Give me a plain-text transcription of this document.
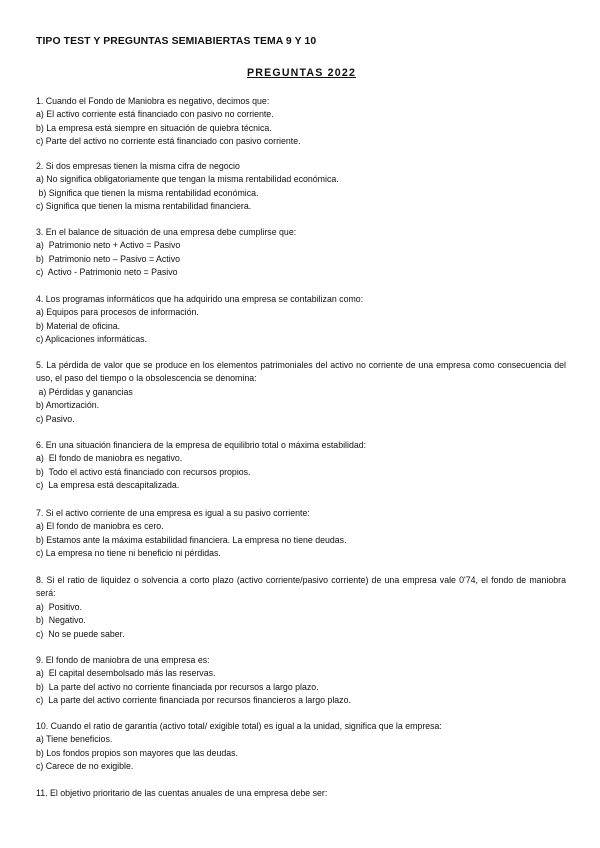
TIPO TEST Y PREGUNTAS SEMIABIERTAS TEMA 9 Y 10
PREGUNTAS 2022
1. Cuando el Fondo de Maniobra es negativo, decimos que:
a) El activo corriente está financiado con pasivo no corriente.
b) La empresa está siempre en situación de quiebra técnica.
c) Parte del activo no corriente está financiado con pasivo corriente.
2. Si dos empresas tienen la misma cifra de negocio
a) No significa obligatoriamente que tengan la misma rentabilidad económica.
b) Significa que tienen la misma rentabilidad económica.
c) Significa que tienen la misma rentabilidad financiera.
3. En el balance de situación de una empresa debe cumplirse que:
a)  Patrimonio neto + Activo = Pasivo
b)  Patrimonio neto – Pasivo = Activo
c)  Activo - Patrimonio neto = Pasivo
4. Los programas informáticos que ha adquirido una empresa se contabilizan como:
a) Equipos para procesos de información.
b) Material de oficina.
c) Aplicaciones informáticas.
5. La pérdida de valor que se produce en los elementos patrimoniales del activo no corriente de una empresa como consecuencia del uso, el paso del tiempo o la obsolescencia se denomina:
a) Pérdidas y ganancias
b) Amortización.
c) Pasivo.
6. En una situación financiera de la empresa de equilibrio total o máxima estabilidad:
a)  El fondo de maniobra es negativo.
b)  Todo el activo está financiado con recursos propios.
c)  La empresa está descapitalizada.
7. Si el activo corriente de una empresa es igual a su pasivo corriente:
a) El fondo de maniobra es cero.
b) Estamos ante la máxima estabilidad financiera. La empresa no tiene deudas.
c) La empresa no tiene ni beneficio ni pérdidas.
8. Si el ratio de liquidez o solvencia a corto plazo (activo corriente/pasivo corriente) de una empresa vale 0'74, el fondo de maniobra será:
a)  Positivo.
b)  Negativo.
c)  No se puede saber.
9. El fondo de maniobra de una empresa es:
a)  El capital desembolsado más las reservas.
b)  La parte del activo no corriente financiada por recursos a largo plazo.
c)  La parte del activo corriente financiada por recursos financieros a largo plazo.
10. Cuando el ratio de garantía (activo total/ exigible total) es igual a la unidad, significa que la empresa:
a) Tiene beneficios.
b) Los fondos propios son mayores que las deudas.
c) Carece de no exigible.
11. El objetivo prioritario de las cuentas anuales de una empresa debe ser:
